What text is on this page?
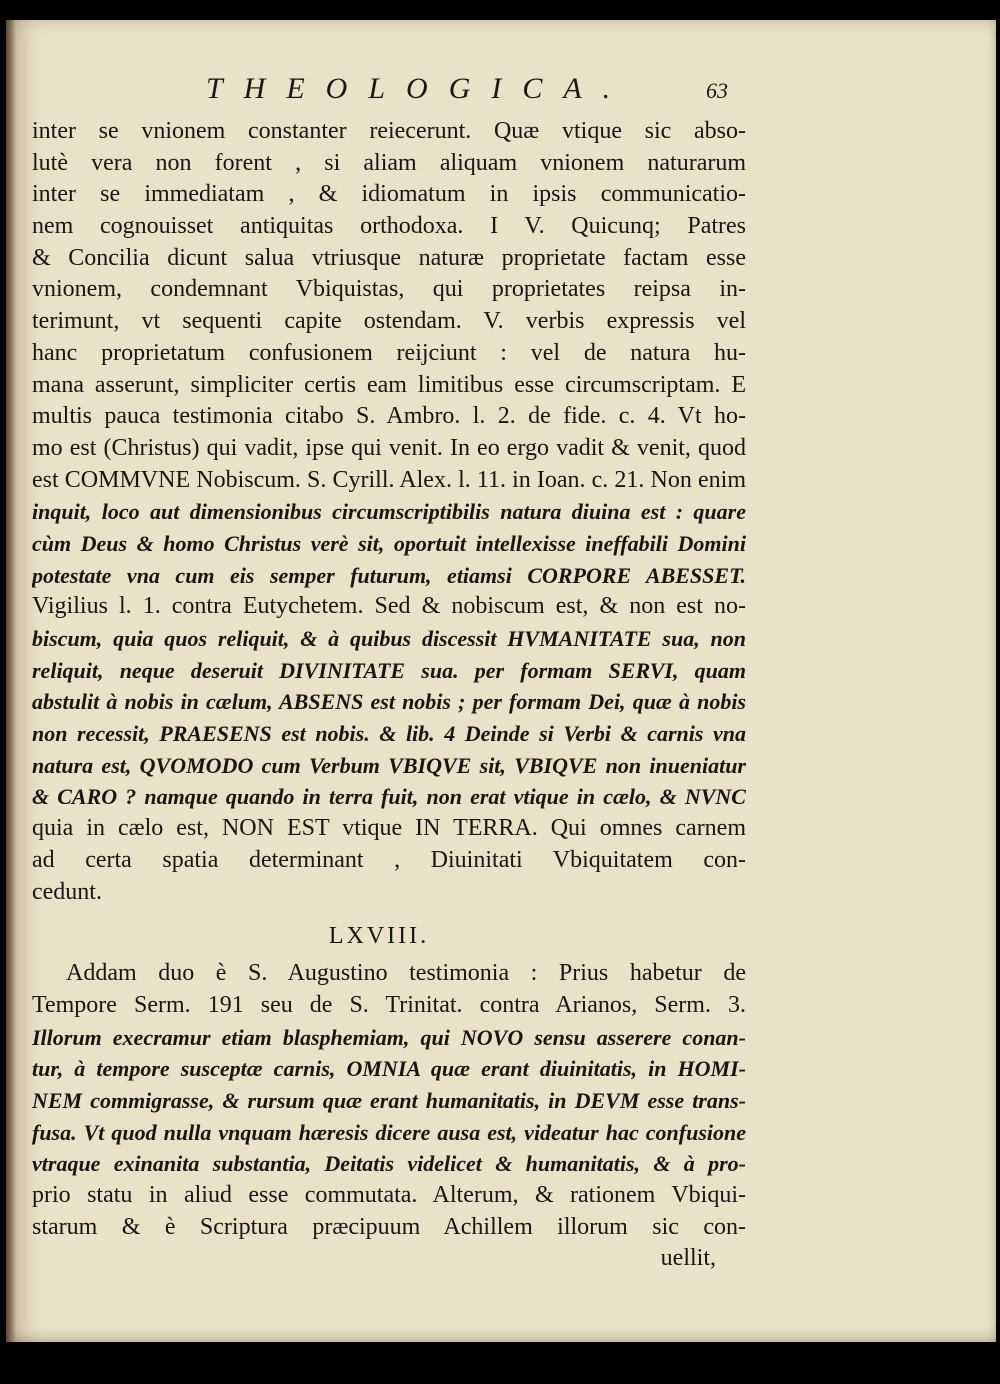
THEOLOGICA.	63
inter se vnionem constanter reiecerunt. Quæ vtique sic abso-
lutè vera non forent , si aliam aliquam vnionem naturarum
inter se immediatam , & idiomatum in ipsis communicatio-
nem cognouisset antiquitas orthodoxa. I V. Quicunq; Patres
& Concilia dicunt salua vtriusque naturæ proprietate factam esse
vnionem, condemnant Vbiquistas, qui proprietates reipsa in-
terimunt, vt sequenti capite ostendam. V. verbis expressis vel
hanc proprietatum confusionem reijciunt : vel de natura hu-
mana asserunt, simpliciter certis eam limitibus esse circumscriptam. E
multis pauca testimonia citabo S. Ambro. l. 2. de fide. c. 4. Vt ho-
mo est (Christus) qui vadit, ipse qui venit. In eo ergo vadit & venit, quod
est COMMVNE Nobiscum. S. Cyrill. Alex. l. 11. in Ioan. c. 21. Non enim
inquit, loco aut dimensionibus circumscriptibilis natura diuina est : quare
cùm Deus & homo Christus verè sit, oportuit intellexisse ineffabili Domini
potestate vna cum eis semper futurum, etiamsi CORPORE ABESSET.
Vigilius l. 1. contra Eutychetem. Sed & nobiscum est, & non est no-
biscum, quia quos reliquit, & à quibus discessit HVMANITATE sua, non
reliquit, neque deseruit DIVINITATE sua. per formam SERVI, quam
abstulit à nobis in cælum, ABSENS est nobis ; per formam Dei, quæ à nobis
non recessit, PRAESENS est nobis. & lib. 4 Deinde si Verbi & carnis vna
natura est, QVOMODO cum Verbum VBIQVE sit, VBIQVE non inueniatur
& CARO ? namque quando in terra fuit, non erat vtique in cælo, & NVNC
quia in cælo est, NON EST vtique IN TERRA. Qui omnes carnem
ad certa spatia determinant , Diuinitati Vbiquitatem con-
cedunt.
LXVIII.
Addam duo è S. Augustino testimonia : Prius habetur de
Tempore Serm. 191 seu de S. Trinitat. contra Arianos, Serm. 3.
Illorum execramur etiam blasphemiam, qui NOVO sensu asserere conan-
tur, à tempore susceptæ carnis, OMNIA quæ erant diuinitatis, in HOMI-
NEM commigrasse, & rursum quæ erant humanitatis, in DEVM esse trans-
fusa. Vt quod nulla vnquam hæresis dicere ausa est, videatur hac confusione
vtraque exinanita substantia, Deitatis videlicet & humanitatis, & à pro-
prio statu in aliud esse commutata. Alterum, & rationem Vbiqui-
starum & è Scriptura præcipuum Achillem illorum sic con-
uellit,
